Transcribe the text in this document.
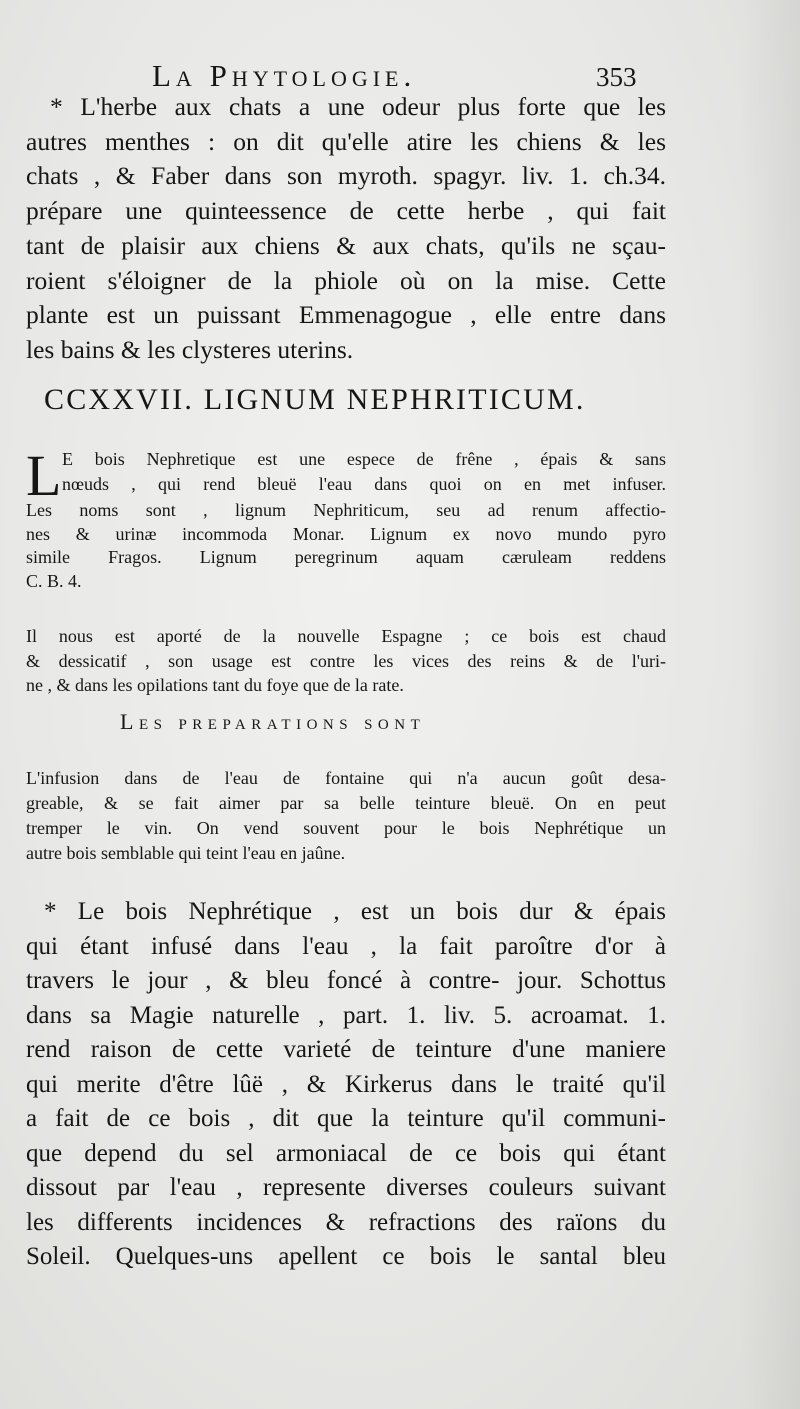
La Phytologie.	353
* L'herbe aux chats a une odeur plus forte que les
autres menthes : on dit qu'elle atire les chiens & les
chats , & Faber dans son myroth. spagyr. liv. 1. ch.34.
prépare une quinteessence de cette herbe , qui fait
tant de plaisir aux chiens & aux chats, qu'ils ne sçau-
roient s'éloigner de la phiole où on la mise. Cette
plante est un puissant Emmenagogue , elle entre dans
les bains & les clysteres uterins.
CCXXVII. LIGNUM NEPHRITICUM.
L E bois Nephretique est une espece de frêne , épais & sans
nœuds , qui rend bleuë l'eau dans quoi on en met infuser.
Les noms sont , lignum Nephriticum, seu ad renum affectio-
nes & urinæ incommoda Monar. Lignum ex novo mundo pyro
simile Fragos. Lignum peregrinum aquam cæruleam reddens
C. B. 4.
Il nous est aporté de la nouvelle Espagne ; ce bois est chaud
& dessicatif , son usage est contre les vices des reins & de l'uri-
ne , & dans les opilations tant du foye que de la rate.
Les preparations sont
L'infusion dans de l'eau de fontaine qui n'a aucun goût desa-
greable, & se fait aimer par sa belle teinture bleuë. On en peut
tremper le vin. On vend souvent pour le bois Nephrétique un
autre bois semblable qui teint l'eau en jaûne.
* Le bois Nephrétique , est un bois dur & épais
qui étant infusé dans l'eau , la fait paroître d'or à
travers le jour , & bleu foncé à contre- jour. Schottus
dans sa Magie naturelle , part. 1. liv. 5. acroamat. 1.
rend raison de cette varieté de teinture d'une maniere
qui merite d'être lûë , & Kirkerus dans le traité qu'il
a fait de ce bois , dit que la teinture qu'il communi-
que depend du sel armoniacal de ce bois qui étant
dissout par l'eau , represente diverses couleurs suivant
les differents incidences & refractions des raïons du
Soleil. Quelques-uns apellent ce bois le santal bleu
